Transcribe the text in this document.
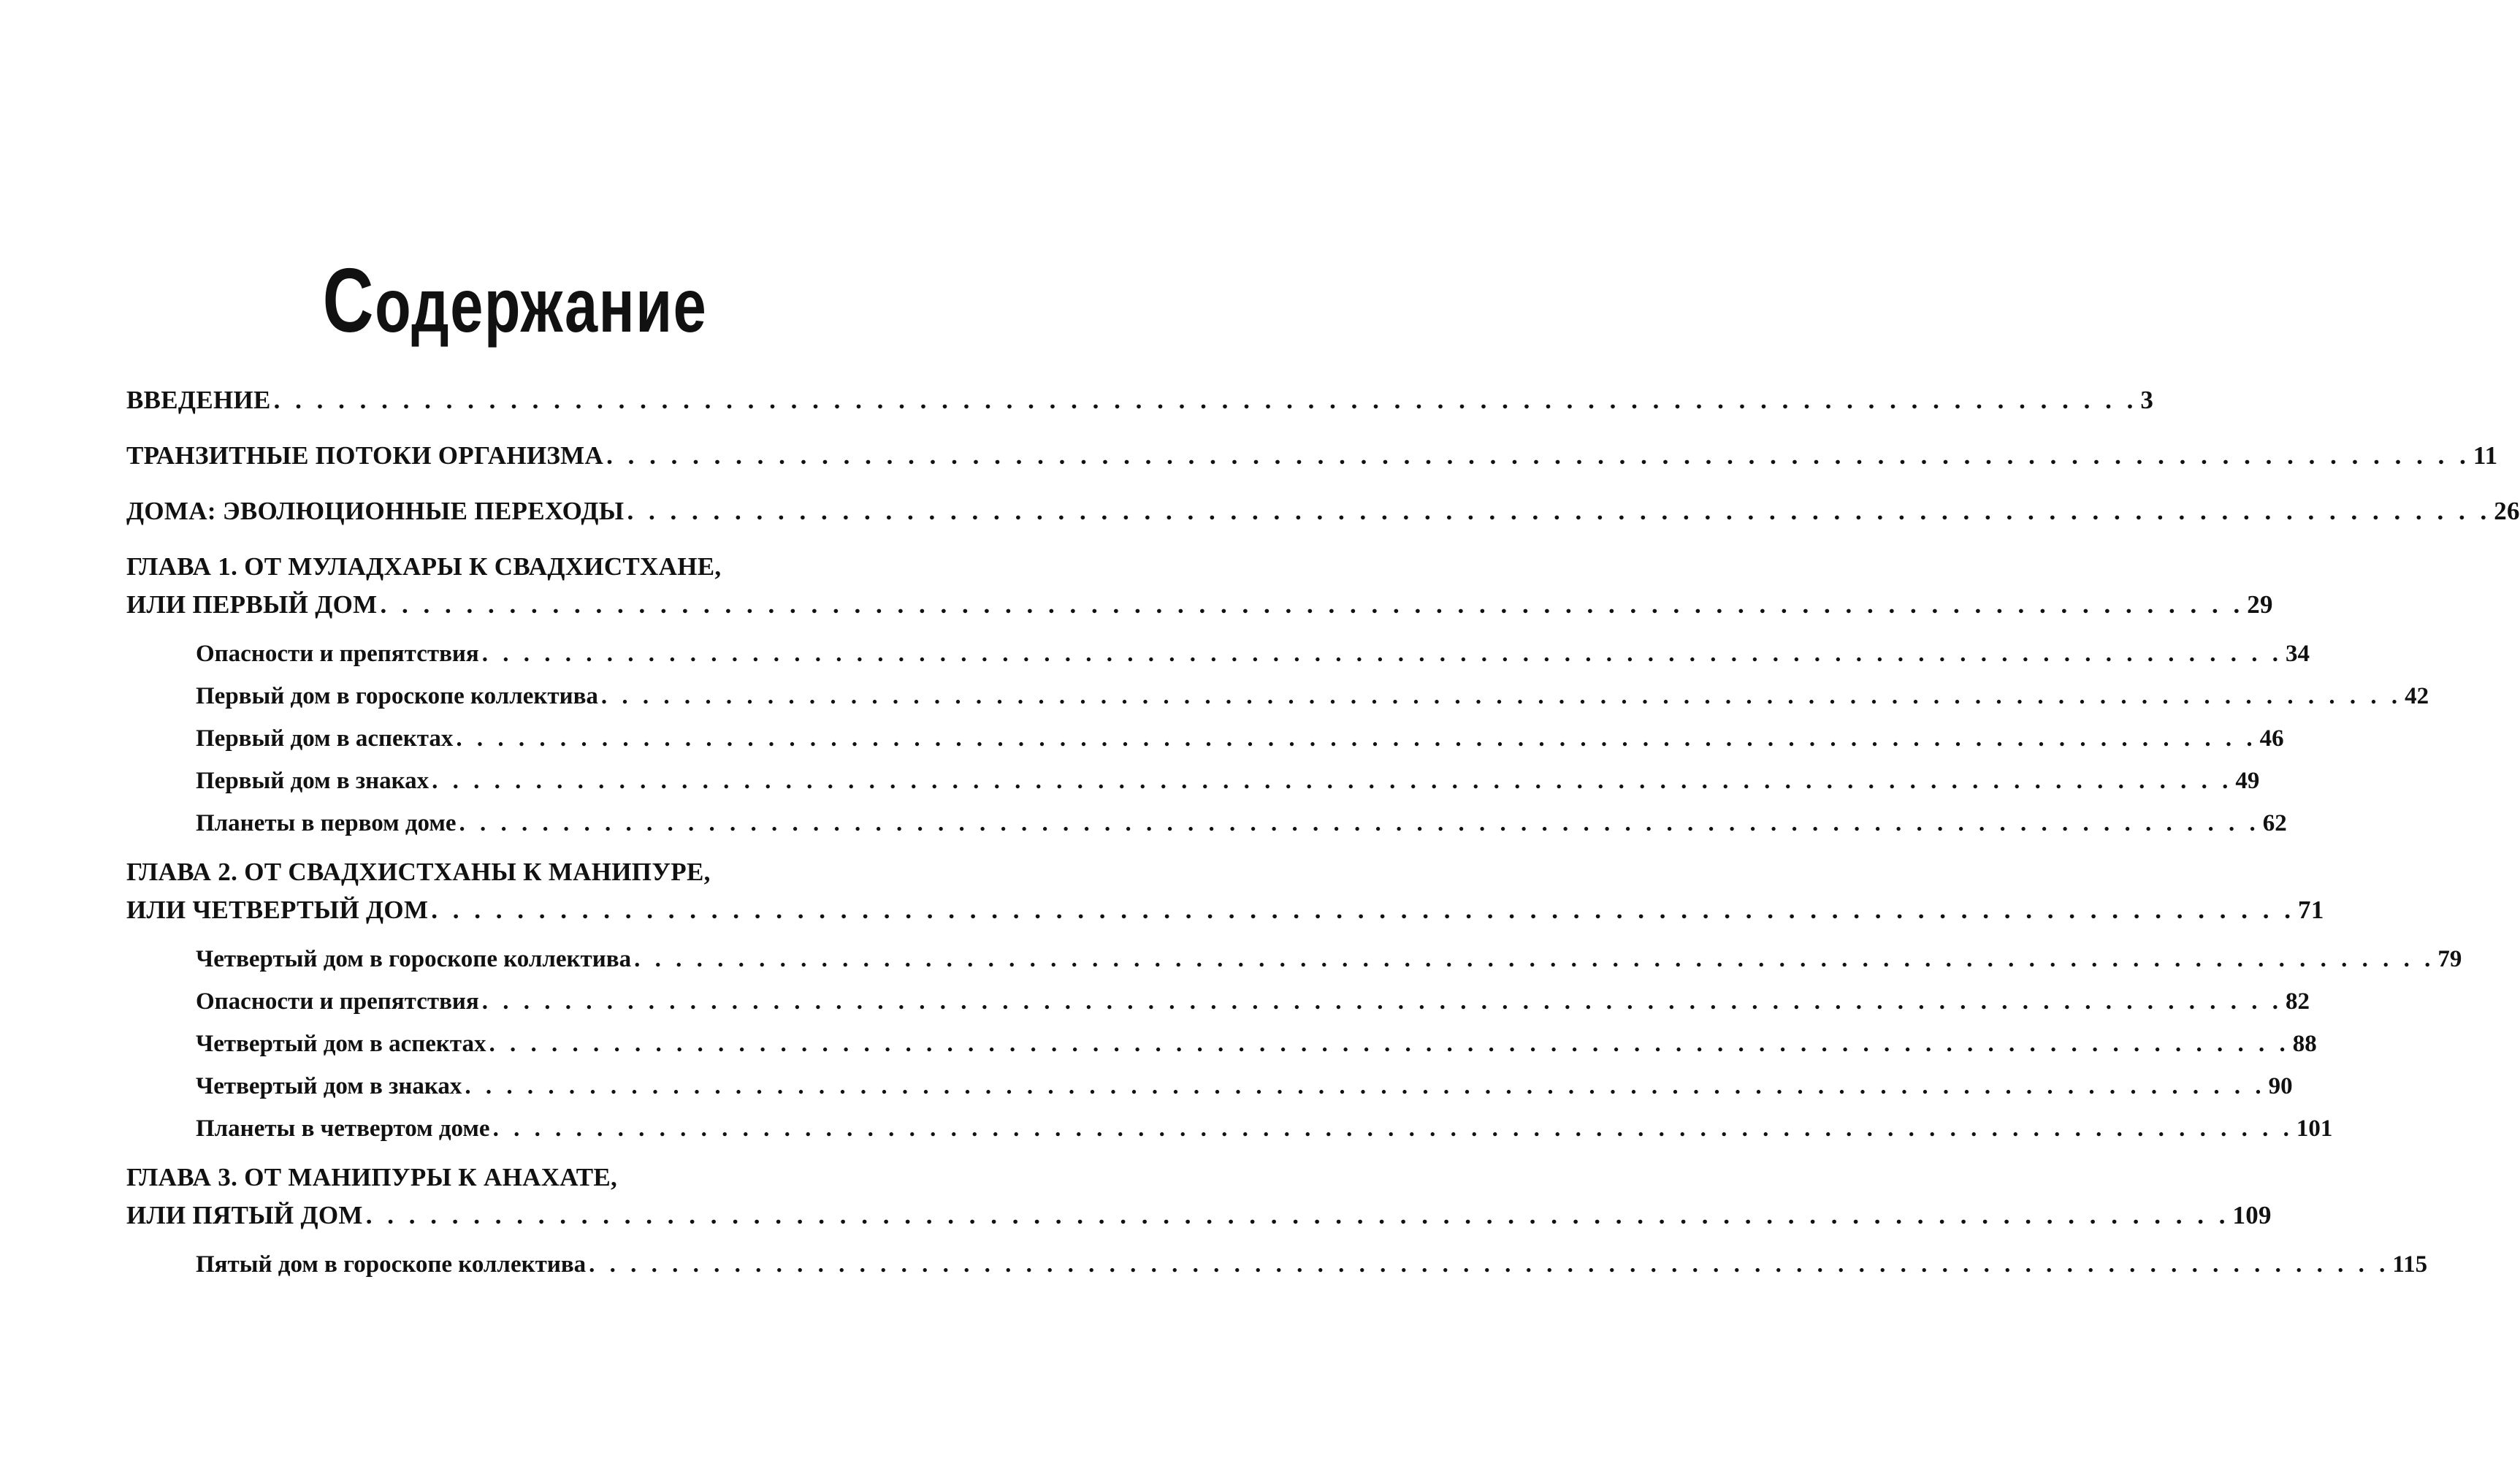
Содержание
ВВЕДЕНИЕ . . . . . . . . . . . . . . . . . . . . . . . . . . . . . . . . . . . . . . . . . . . . . . . . . . . . . . . . . . . . . . . . . . . . . . . . . . . . . . . . . . . . . . . 3
ТРАНЗИТНЫЕ ПОТОКИ ОРГАНИЗМА . . . . . . . . . . . . . . . . . . . . . . . . . . . . . . . . . . . . . . . . . . . . . . . . . . . . . . . . . . . . . . . . . . . . . . . . . . . . . . . . . . . . . . . 11
ДОМА: ЭВОЛЮЦИОННЫЕ ПЕРЕХОДЫ . . . . . . . . . . . . . . . . . . . . . . . . . . . . . . . . . . . . . . . . . . . . . . . . . . . . . . . . . . . . . . . . . . . . . . . . . . . . . . . . . . . . . . . 26
ГЛАВА 1. ОТ МУЛАДХАРЫ К СВАДХИСТХАНЕ,
ИЛИ ПЕРВЫЙ ДОМ . . . . . . . . . . . . . . . . . . . . . . . . . . . . . . . . . . . . . . . . . . . . . . . . . . . . . . . . . . . . . . . . . . . . . . . . . . . . . . . . . . . . . . . 29
Опасности и препятствия . . . . . . . . . . . . . . . . . . . . . . . . . . . . . . . . . . . . . . . . . . . . . . . . . . . . . . . . . . . . . . . . . . . . . . . . . . . . . . . . . . . . . . . 34
Первый дом в гороскопе коллектива . . . . . . . . . . . . . . . . . . . . . . . . . . . . . . . . . . . . . . . . . . . . . . . . . . . . . . . . . . . . . . . . . . . . . . . . . . . . . . . . . . . . . . . 42
Первый дом в аспектах . . . . . . . . . . . . . . . . . . . . . . . . . . . . . . . . . . . . . . . . . . . . . . . . . . . . . . . . . . . . . . . . . . . . . . . . . . . . . . . . . . . . . . . 46
Первый дом в знаках . . . . . . . . . . . . . . . . . . . . . . . . . . . . . . . . . . . . . . . . . . . . . . . . . . . . . . . . . . . . . . . . . . . . . . . . . . . . . . . . . . . . . . . 49
Планеты в первом доме . . . . . . . . . . . . . . . . . . . . . . . . . . . . . . . . . . . . . . . . . . . . . . . . . . . . . . . . . . . . . . . . . . . . . . . . . . . . . . . . . . . . . . . 62
ГЛАВА 2. ОТ СВАДХИСТХАНЫ К МАНИПУРЕ,
ИЛИ ЧЕТВЕРТЫЙ ДОМ . . . . . . . . . . . . . . . . . . . . . . . . . . . . . . . . . . . . . . . . . . . . . . . . . . . . . . . . . . . . . . . . . . . . . . . . . . . . . . . . . . . . . . . 71
Четвертый дом в гороскопе коллектива . . . . . . . . . . . . . . . . . . . . . . . . . . . . . . . . . . . . . . . . . . . . . . . . . . . . . . . . . . . . . . . . . . . . . . . . . . . . . . . . . . . . . . . 79
Опасности и препятствия . . . . . . . . . . . . . . . . . . . . . . . . . . . . . . . . . . . . . . . . . . . . . . . . . . . . . . . . . . . . . . . . . . . . . . . . . . . . . . . . . . . . . . . 82
Четвертый дом в аспектах . . . . . . . . . . . . . . . . . . . . . . . . . . . . . . . . . . . . . . . . . . . . . . . . . . . . . . . . . . . . . . . . . . . . . . . . . . . . . . . . . . . . . . . 88
Четвертый дом в знаках . . . . . . . . . . . . . . . . . . . . . . . . . . . . . . . . . . . . . . . . . . . . . . . . . . . . . . . . . . . . . . . . . . . . . . . . . . . . . . . . . . . . . . . 90
Планеты в четвертом доме . . . . . . . . . . . . . . . . . . . . . . . . . . . . . . . . . . . . . . . . . . . . . . . . . . . . . . . . . . . . . . . . . . . . . . . . . . . . . . . . . . . . . . . 101
ГЛАВА 3. ОТ МАНИПУРЫ К АНАХАТЕ,
ИЛИ ПЯТЫЙ ДОМ . . . . . . . . . . . . . . . . . . . . . . . . . . . . . . . . . . . . . . . . . . . . . . . . . . . . . . . . . . . . . . . . . . . . . . . . . . . . . . . . . . . . . . . 109
Пятый дом в гороскопе коллектива . . . . . . . . . . . . . . . . . . . . . . . . . . . . . . . . . . . . . . . . . . . . . . . . . . . . . . . . . . . . . . . . . . . . . . . . . . . . . . . . . . . . . . . 115
